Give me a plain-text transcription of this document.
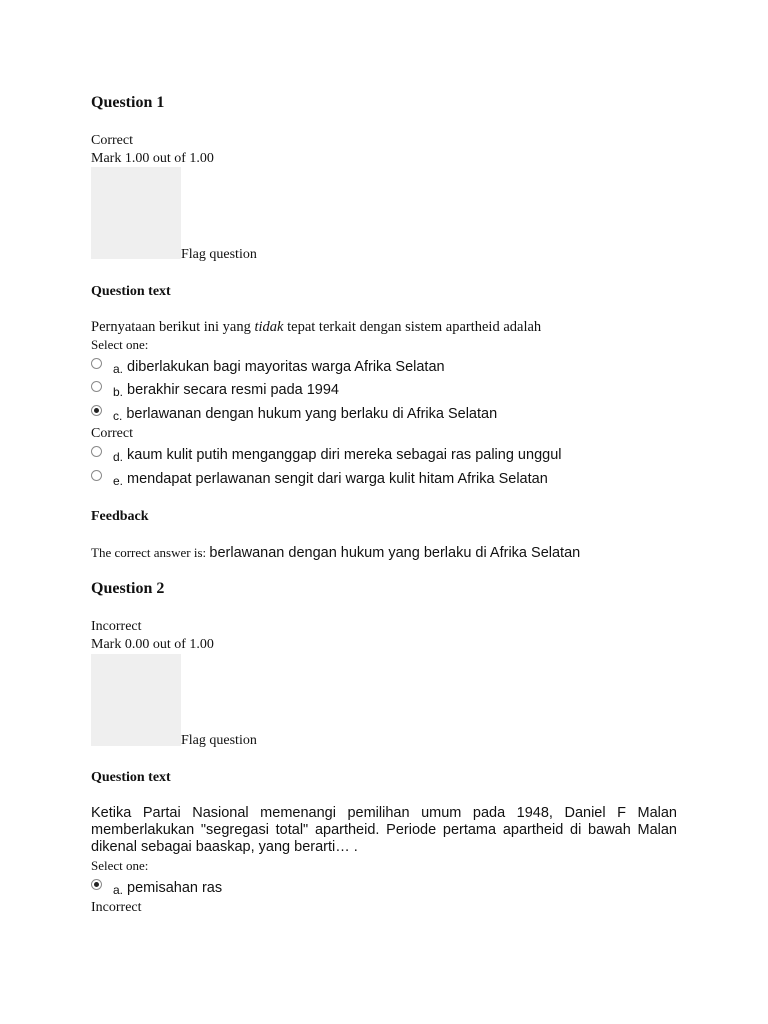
Question 1
Correct
Mark 1.00 out of 1.00
Flag question
Question text
Pernyataan berikut ini yang tidak tepat terkait dengan sistem apartheid adalah
Select one:
a. diberlakukan bagi mayoritas warga Afrika Selatan
b. berakhir secara resmi pada 1994
c. berlawanan dengan hukum yang berlaku di Afrika Selatan
Correct
d. kaum kulit putih menganggap diri mereka sebagai ras paling unggul
e. mendapat perlawanan sengit dari warga kulit hitam Afrika Selatan
Feedback
The correct answer is: berlawanan dengan hukum yang berlaku di Afrika Selatan
Question 2
Incorrect
Mark 0.00 out of 1.00
Flag question
Question text
Ketika Partai Nasional memenangi pemilihan umum pada 1948, Daniel F Malan memberlakukan "segregasi total" apartheid. Periode pertama apartheid di bawah Malan dikenal sebagai baaskap, yang berarti… .
Select one:
a. pemisahan ras
Incorrect
